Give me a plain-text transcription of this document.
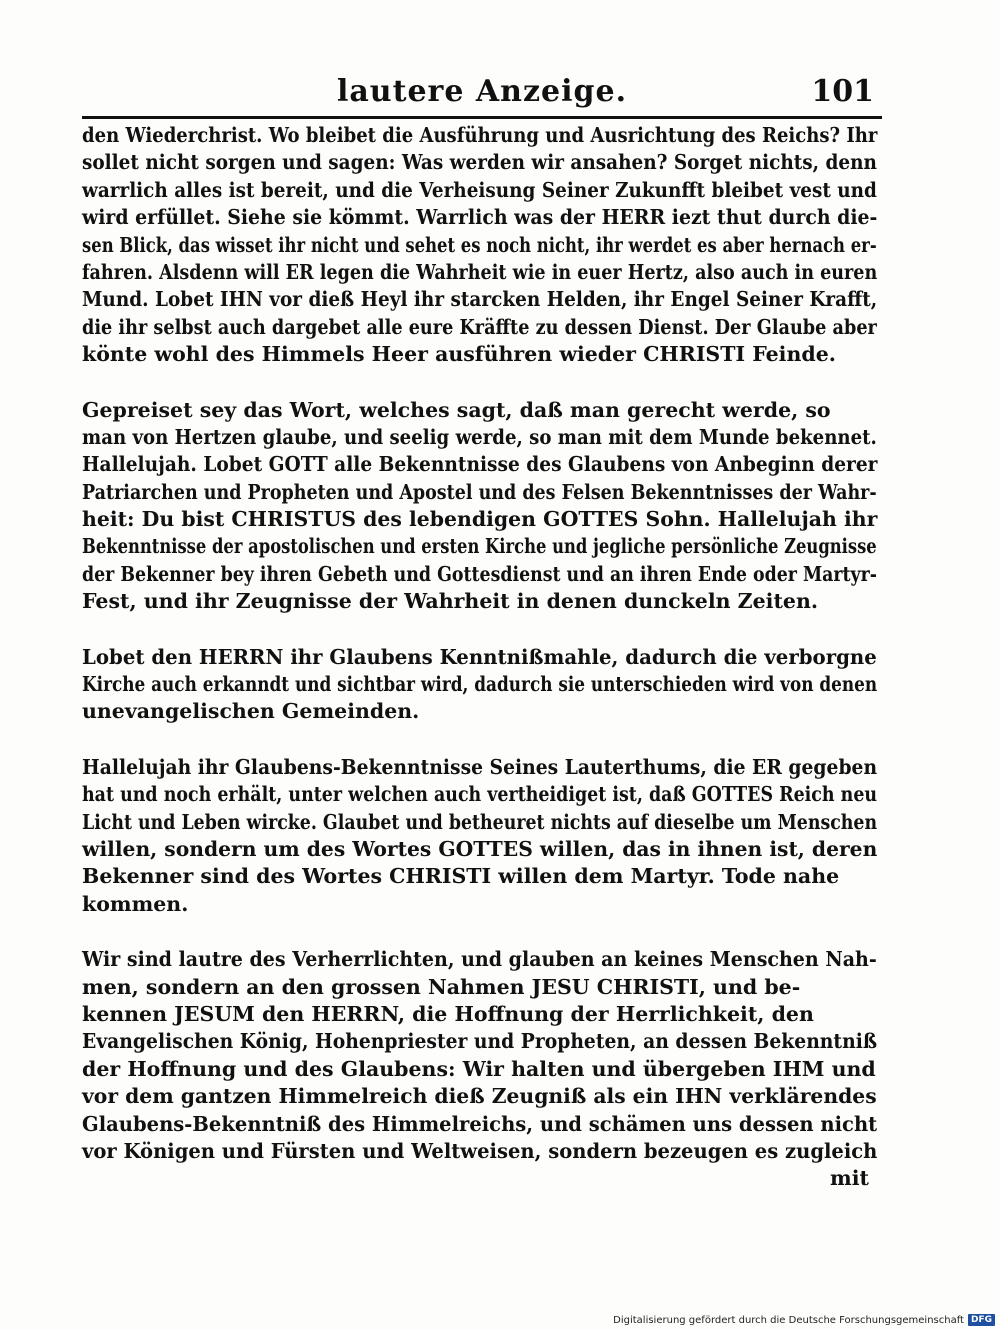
lautere Anzeige.	101
den Wiederchrist. Wo bleibet die Ausführung und Ausrichtung des Reichs? Ihr
sollet nicht sorgen und sagen: Was werden wir ansahen? Sorget nichts, denn
warrlich alles ist bereit, und die Verheisung Seiner Zukunfft bleibet vest und
wird erfüllet. Siehe sie kömmt. Warrlich was der HERR iezt thut durch die-
sen Blick, das wisset ihr nicht und sehet es noch nicht, ihr werdet es aber hernach er-
fahren. Alsdenn will ER legen die Wahrheit wie in euer Hertz, also auch in euren
Mund. Lobet IHN vor dieß Heyl ihr starcken Helden, ihr Engel Seiner Krafft,
die ihr selbst auch dargebet alle eure Kräffte zu dessen Dienst. Der Glaube aber
könte wohl des Himmels Heer ausführen wieder CHRISTI Feinde.
Gepreiset sey das Wort, welches sagt, daß man gerecht werde, so
man von Hertzen glaube, und seelig werde, so man mit dem Munde bekennet.
Hallelujah. Lobet GOTT alle Bekenntnisse des Glaubens von Anbeginn derer
Patriarchen und Propheten und Apostel und des Felsen Bekenntnisses der Wahr-
heit: Du bist CHRISTUS des lebendigen GOTTES Sohn. Hallelujah ihr
Bekenntnisse der apostolischen und ersten Kirche und jegliche persönliche Zeugnisse
der Bekenner bey ihren Gebeth und Gottesdienst und an ihren Ende oder Martyr-
Fest, und ihr Zeugnisse der Wahrheit in denen dunckeln Zeiten.
Lobet den HERRN ihr Glaubens Kenntnißmahle, dadurch die verborgne
Kirche auch erkanndt und sichtbar wird, dadurch sie unterschieden wird von denen
unevangelischen Gemeinden.
Hallelujah ihr Glaubens-Bekenntnisse Seines Lauterthums, die ER gegeben
hat und noch erhält, unter welchen auch vertheidiget ist, daß GOTTES Reich neu
Licht und Leben wircke. Glaubet und betheuret nichts auf dieselbe um Menschen
willen, sondern um des Wortes GOTTES willen, das in ihnen ist, deren
Bekenner sind des Wortes CHRISTI willen dem Martyr. Tode nahe
kommen.
Wir sind lautre des Verherrlichten, und glauben an keines Menschen Nah-
men, sondern an den grossen Nahmen JESU CHRISTI, und be-
kennen JESUM den HERRN, die Hoffnung der Herrlichkeit, den
Evangelischen König, Hohenpriester und Propheten, an dessen Bekenntniß
der Hoffnung und des Glaubens: Wir halten und übergeben IHM und
vor dem gantzen Himmelreich dieß Zeugniß als ein IHN verklärendes
Glaubens-Bekenntniß des Himmelreichs, und schämen uns dessen nicht
vor Königen und Fürsten und Weltweisen, sondern bezeugen es zugleich
mit
Digitalisierung gefördert durch die Deutsche Forschungsgemeinschaft DFG
